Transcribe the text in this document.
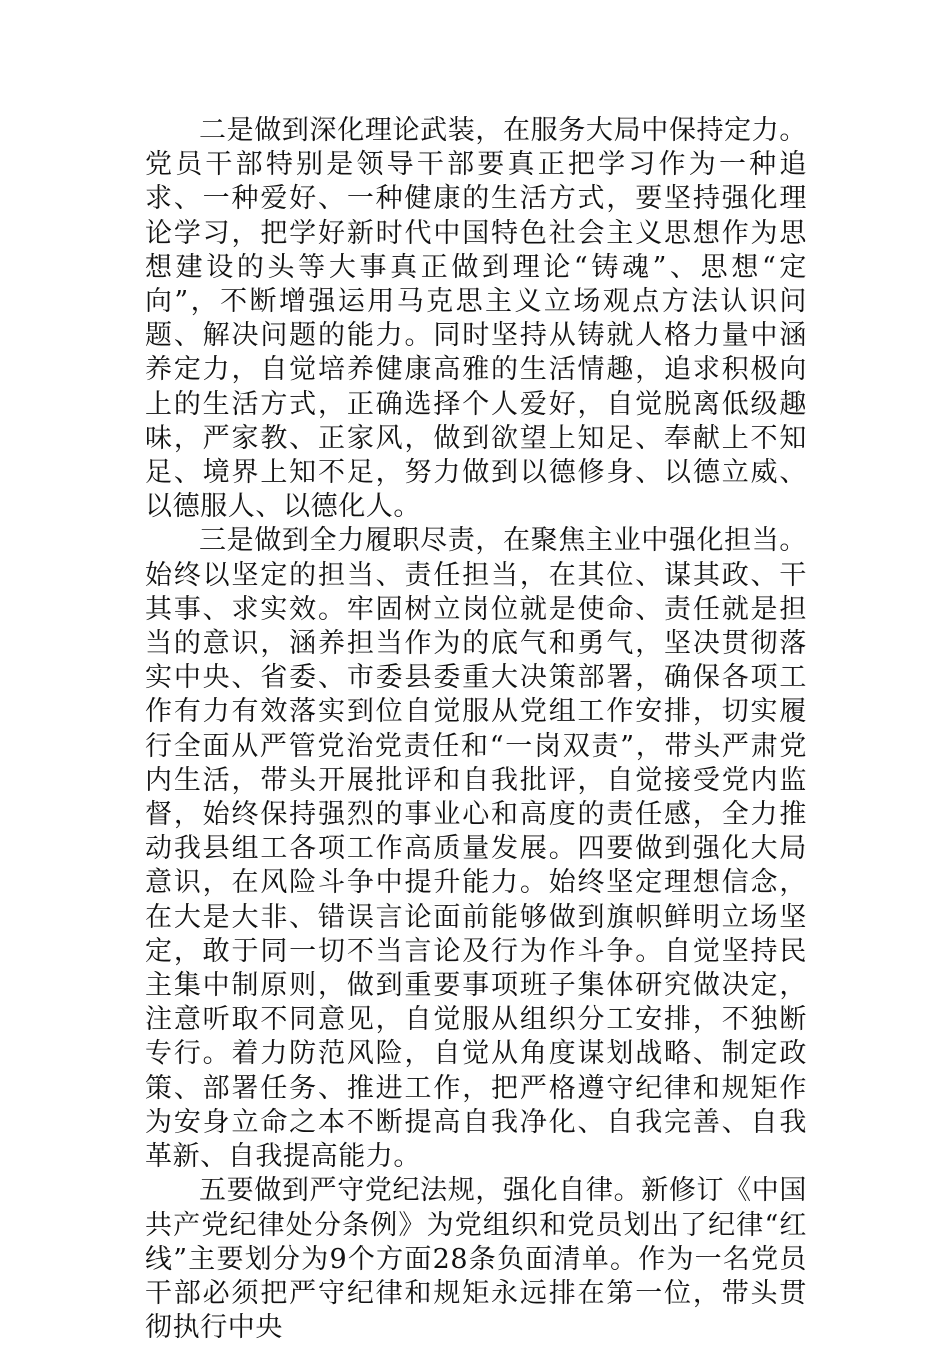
二是做到深化理论武装，在服务大局中保持定力。党员干部特别是领导干部要真正把学习作为一种追求、一种爱好、一种健康的生活方式，要坚持强化理论学习，把学好新时代中国特色社会主义思想作为思想建设的头等大事真正做到理论“铸魂”、思想“定向”，不断增强运用马克思主义立场观点方法认识问题、解决问题的能力。同时坚持从铸就人格力量中涵养定力，自觉培养健康高雅的生活情趣，追求积极向上的生活方式，正确选择个人爱好，自觉脱离低级趣味，严家教、正家风，做到欲望上知足、奉献上不知足、境界上知不足，努力做到以德修身、以德立威、以德服人、以德化人。

三是做到全力履职尽责，在聚焦主业中强化担当。始终以坚定的担当、责任担当，在其位、谋其政、干其事、求实效。牢固树立岗位就是使命、责任就是担当的意识，涵养担当作为的底气和勇气，坚决贯彻落实中央、省委、市委县委重大决策部署，确保各项工作有力有效落实到位自觉服从党组工作安排，切实履行全面从严管党治党责任和“一岗双责”，带头严肃党内生活，带头开展批评和自我批评，自觉接受党内监督，始终保持强烈的事业心和高度的责任感，全力推动我县组工各项工作高质量发展。四要做到强化大局意识，在风险斗争中提升能力。始终坚定理想信念，在大是大非、错误言论面前能够做到旗帜鲜明立场坚定，敢于同一切不当言论及行为作斗争。自觉坚持民主集中制原则，做到重要事项班子集体研究做决定，注意听取不同意见，自觉服从组织分工安排，不独断专行。着力防范风险，自觉从角度谋划战略、制定政策、部署任务、推进工作，把严格遵守纪律和规矩作为安身立命之本不断提高自我净化、自我完善、自我革新、自我提高能力。

五要做到严守党纪法规，强化自律。新修订《中国共产党纪律处分条例》为党组织和党员划出了纪律“红线”主要划分为9个方面28条负面清单。作为一名党员干部必须把严守纪律和规矩永远排在第一位，带头贯彻执行中央
